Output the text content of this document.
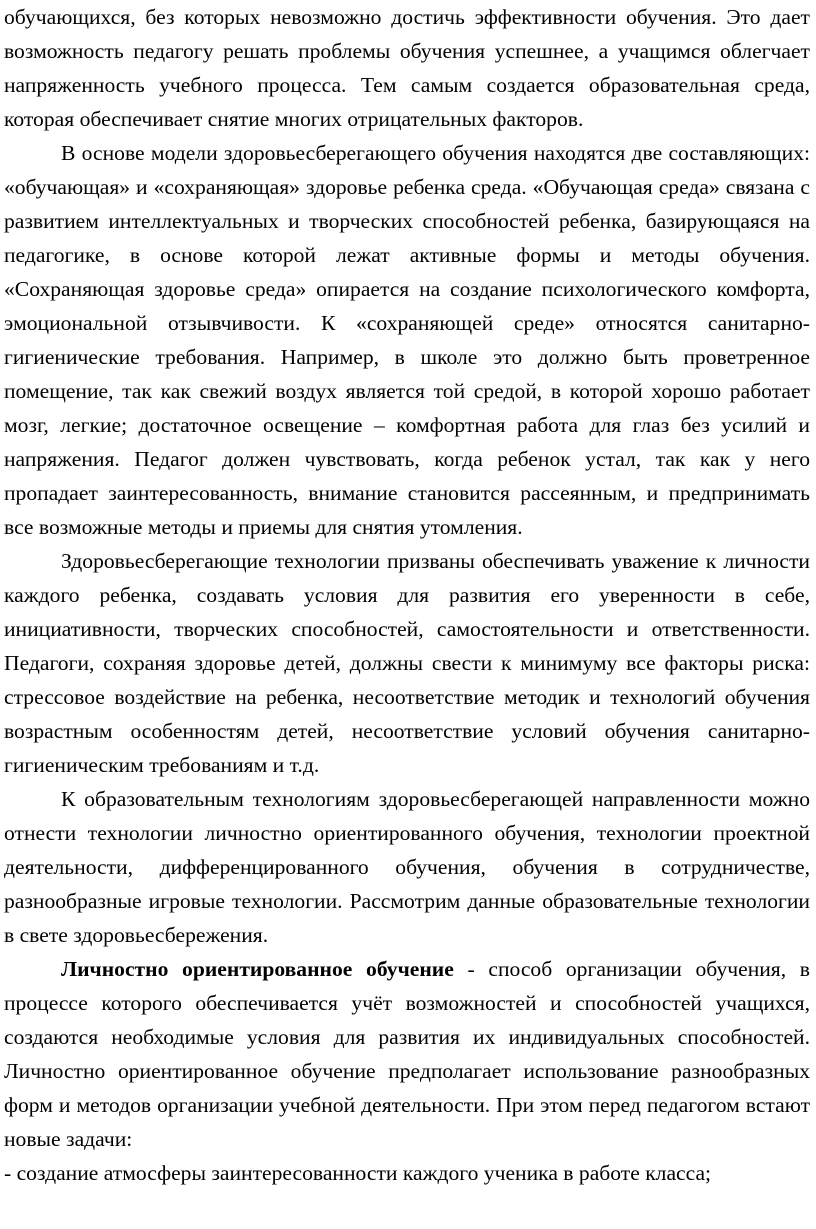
обучающихся, без которых невозможно достичь эффективности обучения. Это дает возможность педагогу решать проблемы обучения успешнее, а учащимся облегчает напряженность учебного процесса. Тем самым создается образовательная среда, которая обеспечивает снятие многих отрицательных факторов.

В основе модели здоровьесберегающего обучения находятся две составляющих: «обучающая» и «сохраняющая» здоровье ребенка среда. «Обучающая среда» связана с развитием интеллектуальных и творческих способностей ребенка, базирующаяся на педагогике, в основе которой лежат активные формы и методы обучения. «Сохраняющая здоровье среда» опирается на создание психологического комфорта, эмоциональной отзывчивости. К «сохраняющей среде» относятся санитарно-гигиенические требования. Например, в школе это должно быть проветренное помещение, так как свежий воздух является той средой, в которой хорошо работает мозг, легкие; достаточное освещение – комфортная работа для глаз без усилий и напряжения. Педагог должен чувствовать, когда ребенок устал, так как у него пропадает заинтересованность, внимание становится рассеянным, и предпринимать все возможные методы и приемы для снятия утомления.

Здоровьесберегающие технологии призваны обеспечивать уважение к личности каждого ребенка, создавать условия для развития его уверенности в себе, инициативности, творческих способностей, самостоятельности и ответственности. Педагоги, сохраняя здоровье детей, должны свести к минимуму все факторы риска: стрессовое воздействие на ребенка, несоответствие методик и технологий обучения возрастным особенностям детей, несоответствие условий обучения санитарно-гигиеническим требованиям и т.д.

К образовательным технологиям здоровьесберегающей направленности можно отнести технологии личностно ориентированного обучения, технологии проектной деятельности, дифференцированного обучения, обучения в сотрудничестве, разнообразные игровые технологии. Рассмотрим данные образовательные технологии в свете здоровьесбережения.

Личностно ориентированное обучение - способ организации обучения, в процессе которого обеспечивается учёт возможностей и способностей учащихся, создаются необходимые условия для развития их индивидуальных способностей. Личностно ориентированное обучение предполагает использование разнообразных форм и методов организации учебной деятельности. При этом перед педагогом встают новые задачи:

- создание атмосферы заинтересованности каждого ученика в работе класса;
